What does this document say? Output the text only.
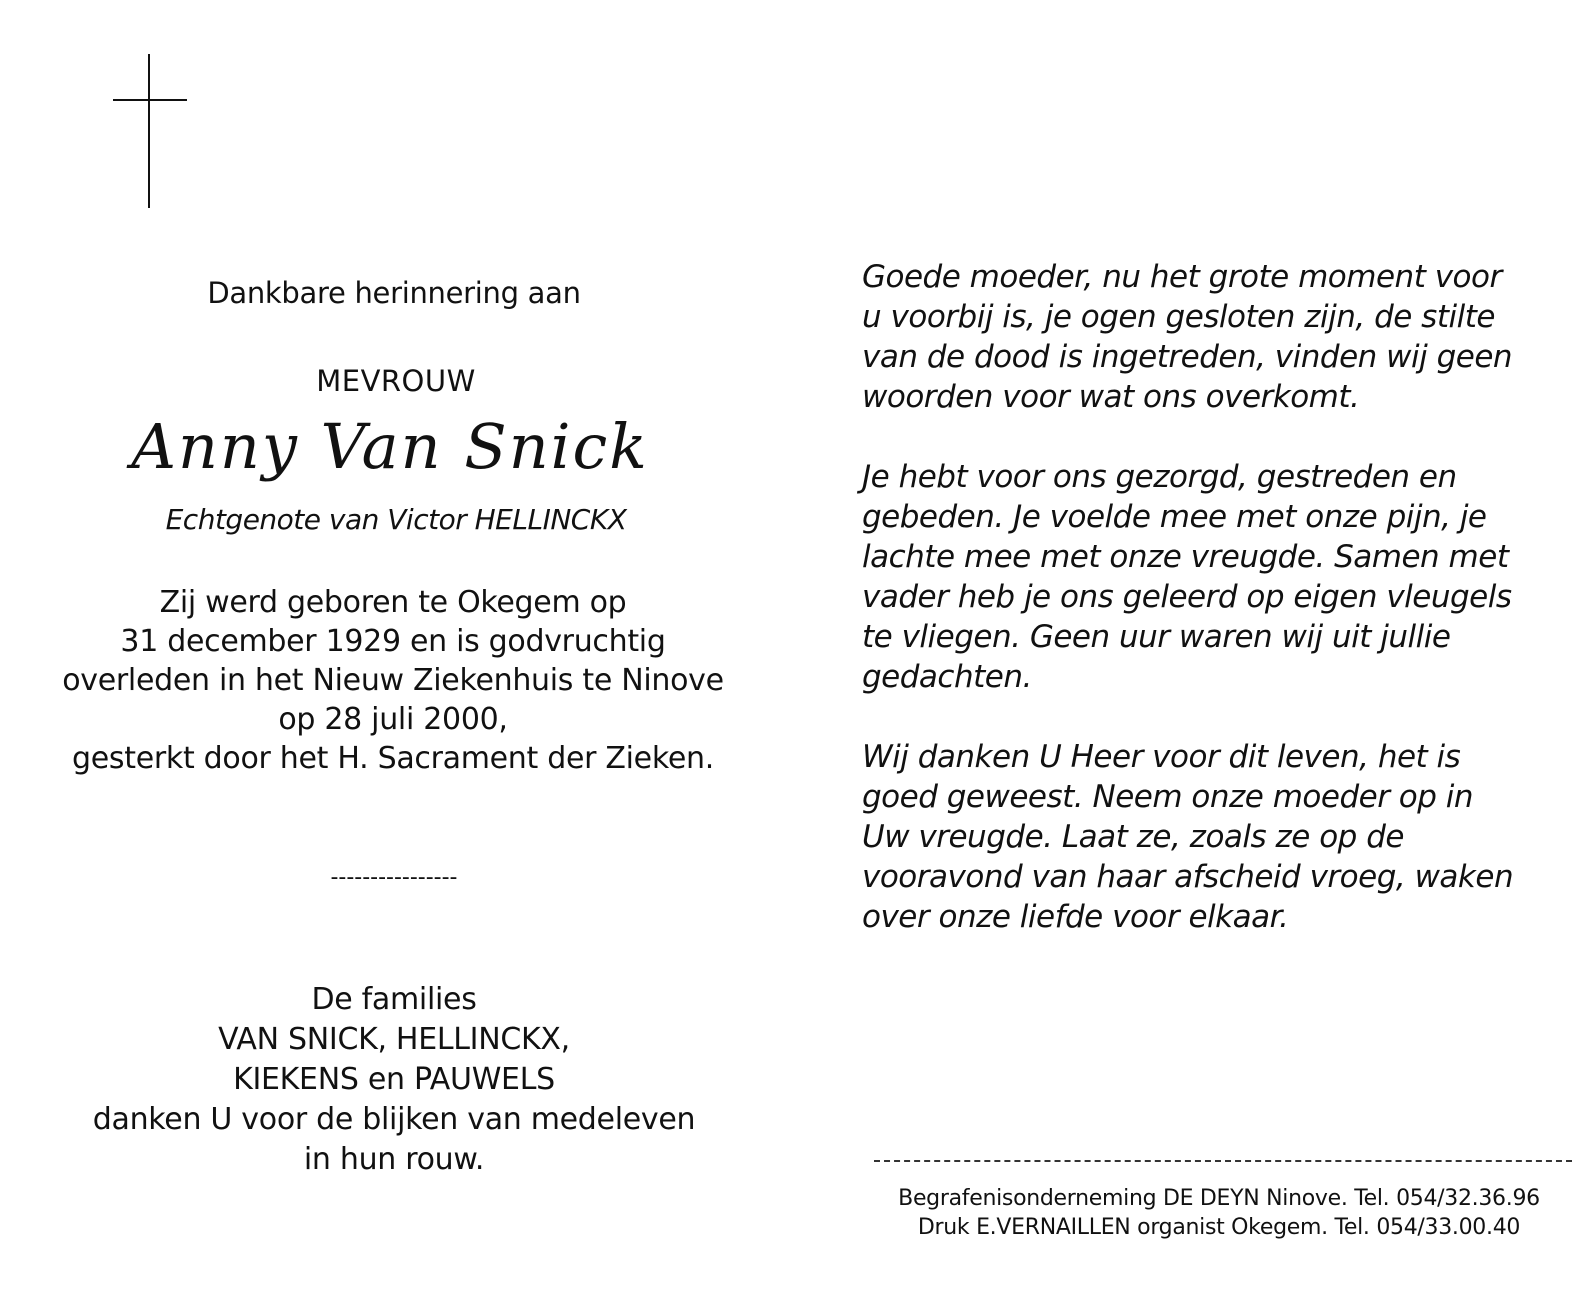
Dankbare herinnering aan
MEVROUW
Anny Van Snick
Echtgenote van Victor HELLINCKX
Zij werd geboren te Okegem op
31 december 1929 en is godvruchtig
overleden in het Nieuw Ziekenhuis te Ninove
op 28 juli 2000,
gesterkt door het H. Sacrament der Zieken.
----------------
De families
VAN SNICK, HELLINCKX,
KIEKENS en PAUWELS
danken U voor de blijken van medeleven
in hun rouw.
Goede moeder, nu het grote moment voor
u voorbij is, je ogen gesloten zijn, de stilte
van de dood is ingetreden, vinden wij geen
woorden voor wat ons overkomt.
Je hebt voor ons gezorgd, gestreden en
gebeden. Je voelde mee met onze pijn, je
lachte mee met onze vreugde. Samen met
vader heb je ons geleerd op eigen vleugels
te vliegen. Geen uur waren wij uit jullie
gedachten.
Wij danken U Heer voor dit leven, het is
goed geweest. Neem onze moeder op in
Uw vreugde. Laat ze, zoals ze op de
vooravond van haar afscheid vroeg, waken
over onze liefde voor elkaar.
Begrafenisonderneming DE DEYN Ninove. Tel. 054/32.36.96
Druk E.VERNAILLEN organist Okegem. Tel. 054/33.00.40
